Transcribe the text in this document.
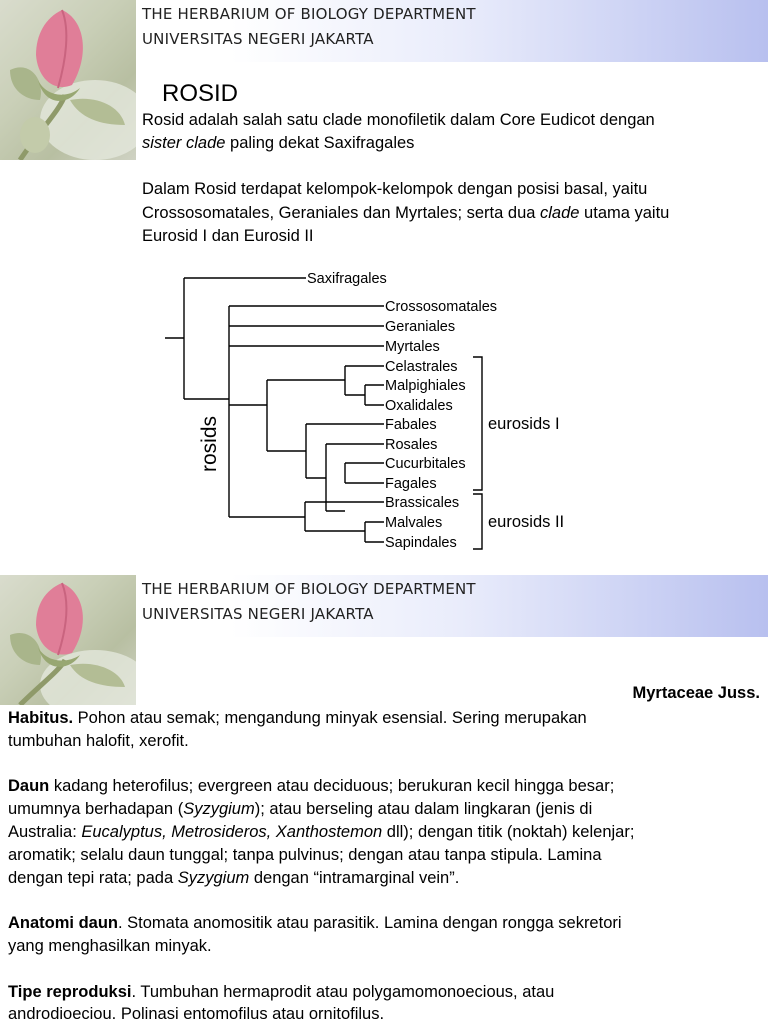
THE HERBARIUM OF BIOLOGY DEPARTMENT
UNIVERSITAS NEGERI JAKARTA
ROSID
Rosid adalah salah satu clade monofiletik dalam Core Eudicot dengan
sister clade paling dekat Saxifragales
Dalam Rosid terdapat kelompok-kelompok dengan posisi basal, yaitu
Crossosomatales, Geraniales dan Myrtales; serta dua clade utama yaitu
Eurosid I dan Eurosid II
Saxifragales
Crossosomatales
Geraniales
Myrtales
Celastrales
Malpighiales
Oxalidales
Fabales
Rosales
Cucurbitales
Fagales
Brassicales
Malvales
Sapindales
eurosids I
eurosids II
rosids
THE HERBARIUM OF BIOLOGY DEPARTMENT
UNIVERSITAS NEGERI JAKARTA
Myrtaceae Juss.
Habitus. Pohon atau semak; mengandung minyak esensial. Sering merupakan
tumbuhan halofit, xerofit.
Daun kadang heterofilus; evergreen atau deciduous; berukuran kecil hingga besar;
umumnya berhadapan (Syzygium); atau berseling atau dalam lingkaran (jenis di
Australia: Eucalyptus, Metrosideros, Xanthostemon dll); dengan titik (noktah) kelenjar;
aromatik; selalu daun tunggal; tanpa pulvinus; dengan atau tanpa stipula. Lamina
dengan tepi rata; pada Syzygium dengan “intramarginal vein”.
Anatomi daun. Stomata anomositik atau parasitik. Lamina dengan rongga sekretori
yang menghasilkan minyak.
Tipe reproduksi. Tumbuhan hermaprodit atau polygamomonoecious, atau
androdioeciou. Polinasi entomofilus atau ornitofilus.
